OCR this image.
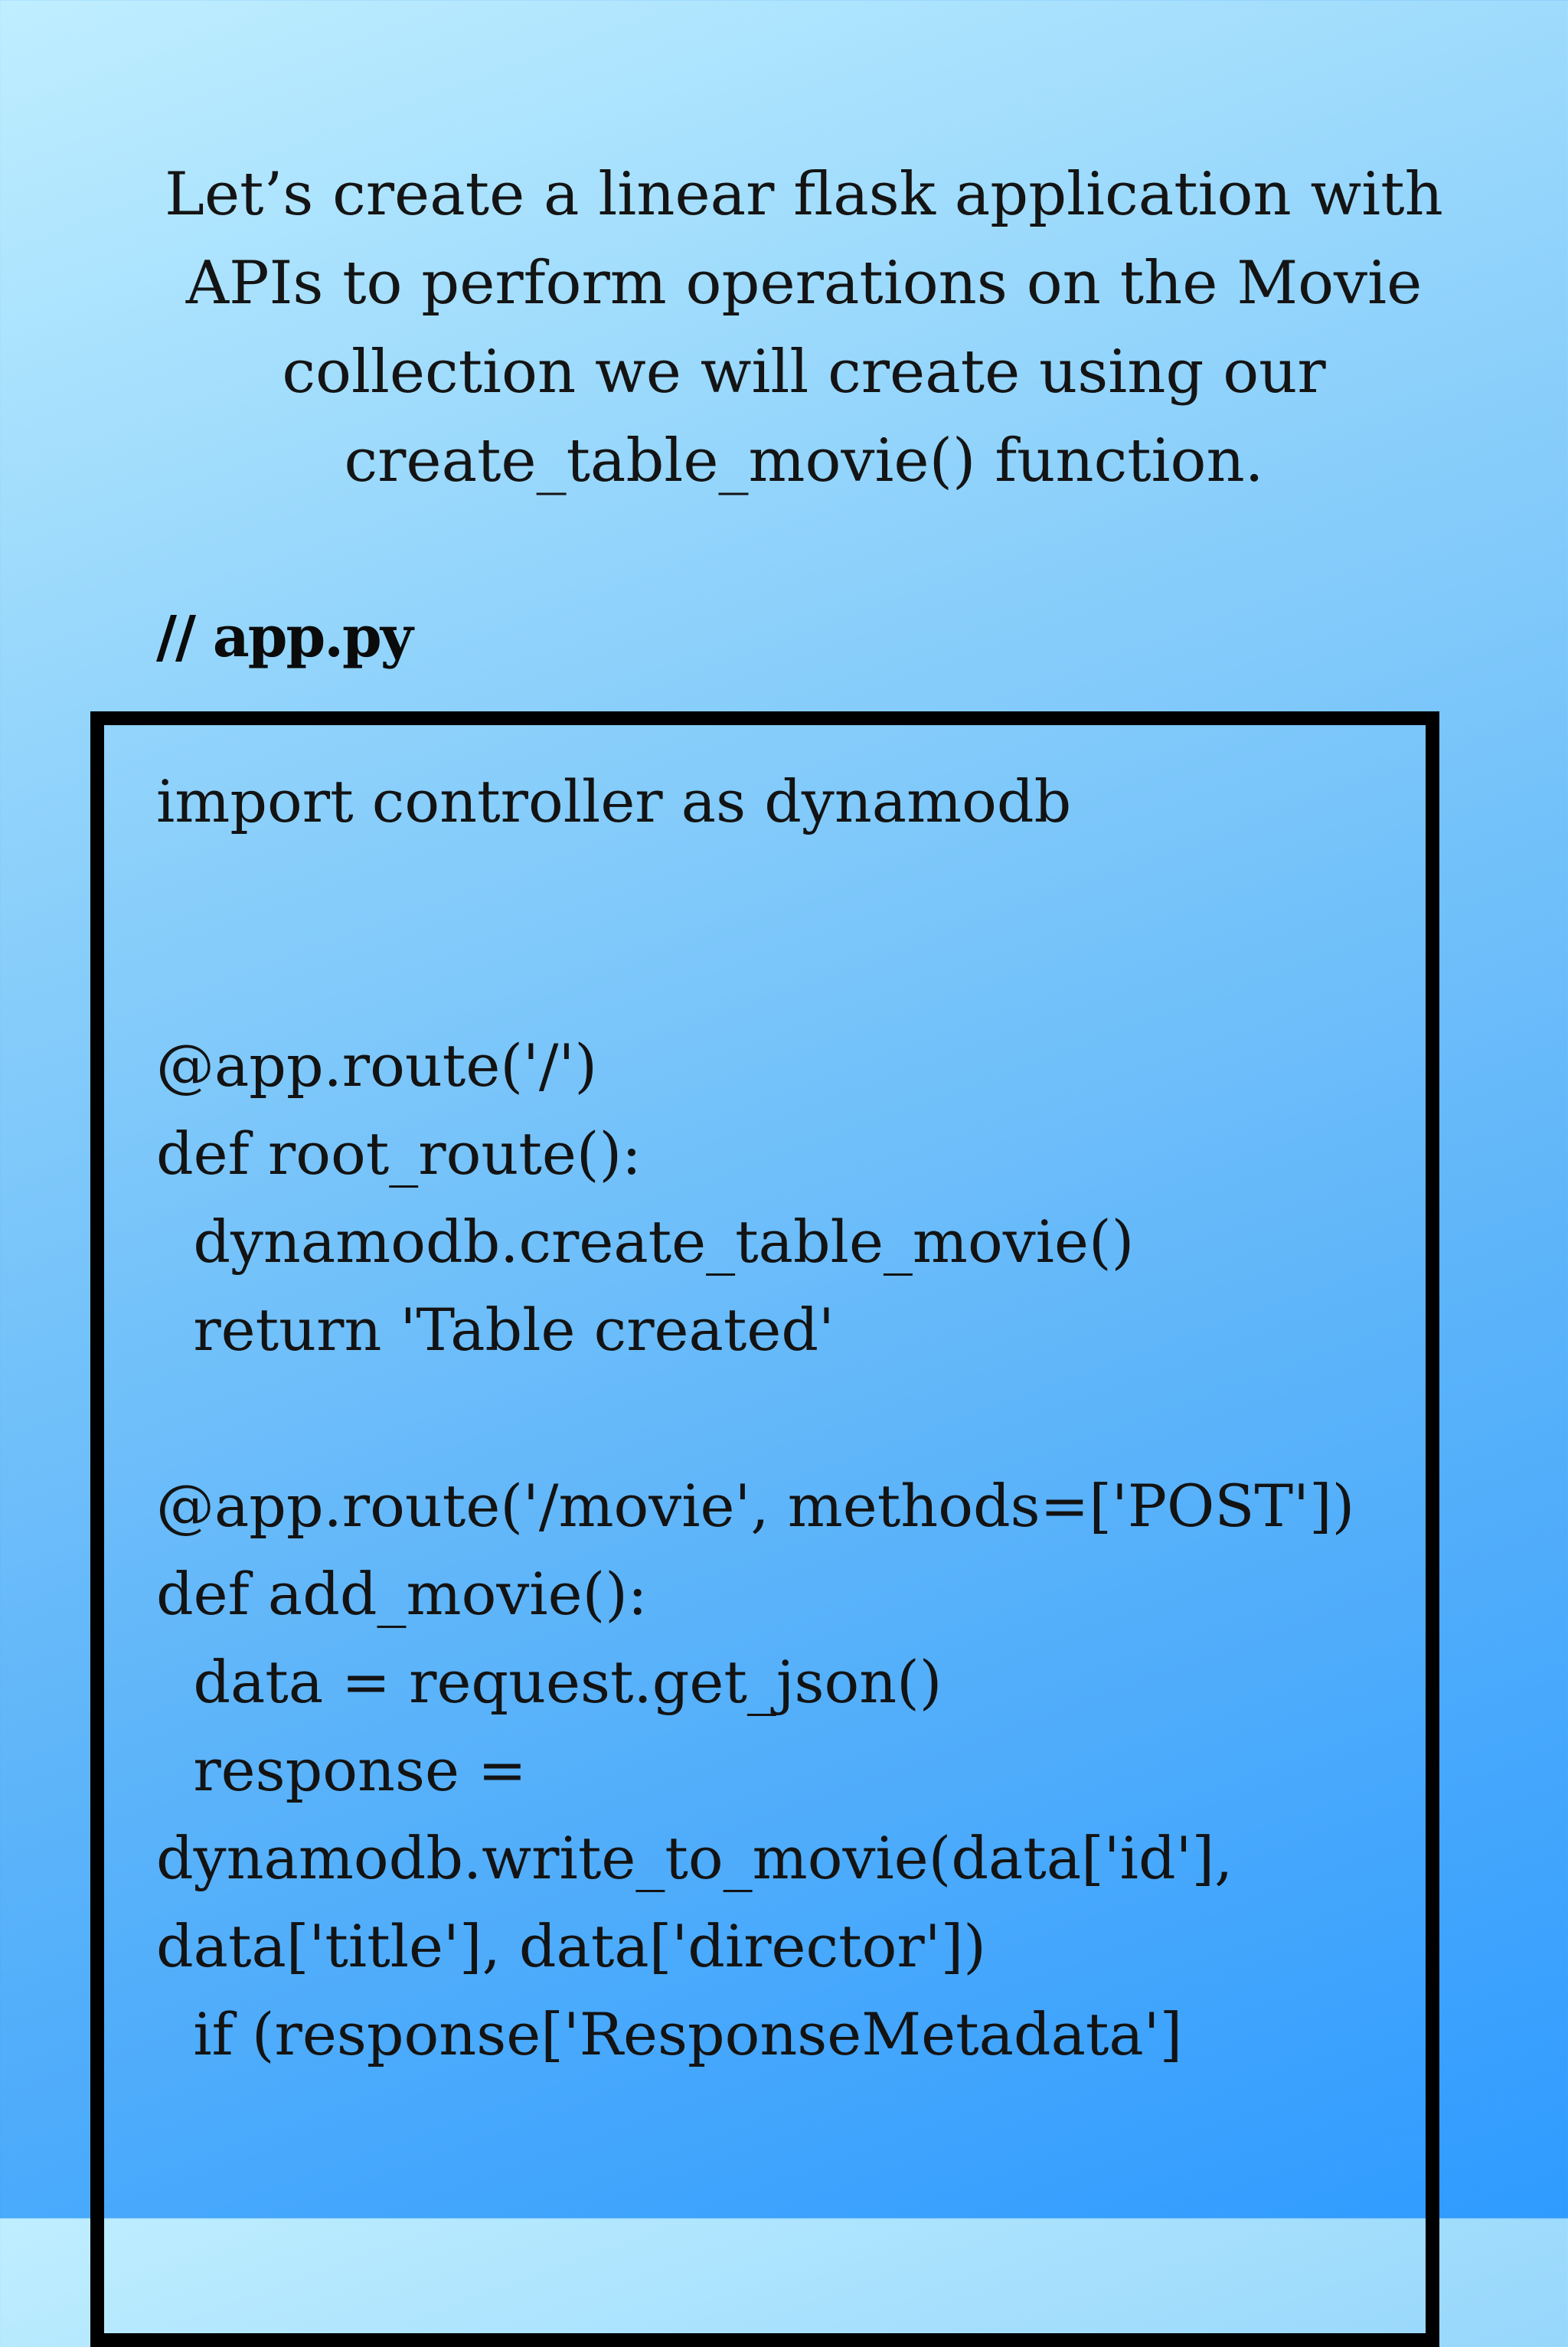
Let’s create a linear flask application with
APIs to perform operations on the Movie
collection we will create using our
create_table_movie() function.
// app.py
import controller as dynamodb
@app.route('/')
def root_route():
dynamodb.create_table_movie()
return 'Table created'
@app.route('/movie', methods=['POST'])
def add_movie():
data = request.get_json()
response =
dynamodb.write_to_movie(data['id'],
data['title'], data['director'])
if (response['ResponseMetadata']
